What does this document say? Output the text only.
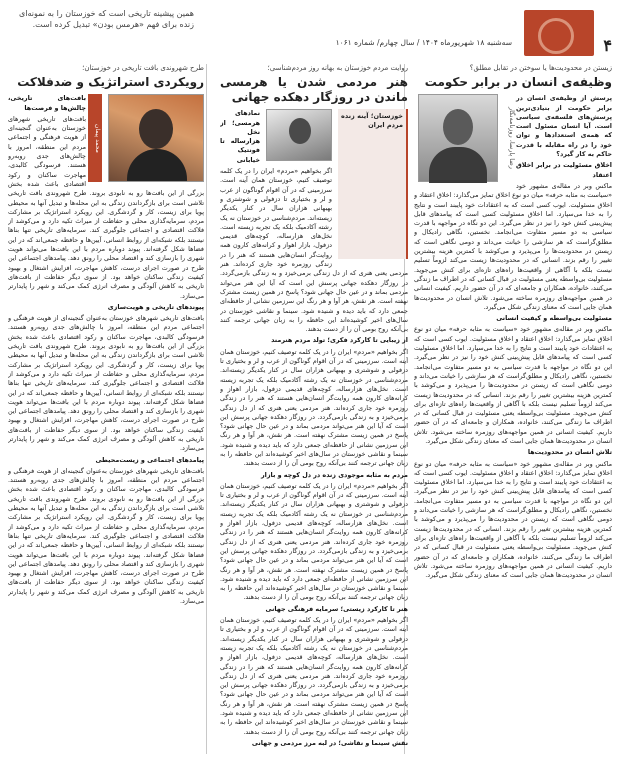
همین پیشینه تاریخی است که خوزستان را به نمونه‌ای زنده برای فهم «هرمس بودن» تبدیل کرده است.
سه‌شنبه ۱۸ شهریور‌ماه ۱۴۰۴ / سال چهارم/ شماره ۱۰۶۱	۴
زیستن در محدودیت‌ها یا سوختن در تقابل مطلق؟
وظیفه‌ی انسان در برابر حکومت
رضا پارسا، روزنامه‌نگار

پرسش از وظیفه‌ی انسان در برابر حکومت از بنیادی‌ترین پرسش‌های فلسفه‌ی سیاسی است. آیا انسان مسئول است که همه‌ی استعدادها و توان خود را در راه مقابله با قدرت حاکم به کار گیرد؟

اخلاق مسئولیت در برابر اخلاق اعتقاد

ماکس وبر در مقاله‌ی مشهور خود «سیاست به مثابه حرفه» میان دو نوع اخلاق تمایز می‌گذارد: اخلاق اعتقاد و اخلاق مسئولیت. ایوب کسی است که به اعتقادات خود پایبند است و نتایج را به خدا می‌سپارد. اما اخلاق مسئولیت کسی است که پیامدهای قابل پیش‌بینی کنش خود را نیز در نظر می‌گیرد. این دو نگاه در مواجهه با قدرت سیاسی به دو مسیر متفاوت می‌انجامد. نخستین، نگاهی رادیکال و مطلق‌گراست که هر سازشی را خیانت می‌داند و دومی نگاهی است که زیستن در محدودیت‌ها را می‌پذیرد و می‌کوشد با کمترین هزینه بیشترین تغییر را رقم بزند. انسانی که در محدودیت‌ها زیست می‌کند لزوماً تسلیم نیست بلکه با آگاهی از واقعیت‌ها راه‌های تازه‌ای برای کنش می‌جوید. مسئولیت بی‌واسطه یعنی مسئولیت در قبال کسانی که در اطراف ما زندگی می‌کنند، خانواده، همکاران و جامعه‌ای که در آن حضور داریم. کیفیت انسانی در همین مواجهه‌های روزمره ساخته می‌شود. تلاش انسان در محدودیت‌ها همان جایی است که معنای زندگی شکل می‌گیرد.

مسئولیت بی‌واسطه و کیفیت انسانی

ماکس وبر در مقاله‌ی مشهور خود «سیاست به مثابه حرفه» میان دو نوع اخلاق تمایز می‌گذارد: اخلاق اعتقاد و اخلاق مسئولیت. ایوب کسی است که به اعتقادات خود پایبند است و نتایج را به خدا می‌سپارد. اما اخلاق مسئولیت کسی است که پیامدهای قابل پیش‌بینی کنش خود را نیز در نظر می‌گیرد. این دو نگاه در مواجهه با قدرت سیاسی به دو مسیر متفاوت می‌انجامد. نخستین، نگاهی رادیکال و مطلق‌گراست که هر سازشی را خیانت می‌داند و دومی نگاهی است که زیستن در محدودیت‌ها را می‌پذیرد و می‌کوشد با کمترین هزینه بیشترین تغییر را رقم بزند. انسانی که در محدودیت‌ها زیست می‌کند لزوماً تسلیم نیست بلکه با آگاهی از واقعیت‌ها راه‌های تازه‌ای برای کنش می‌جوید. مسئولیت بی‌واسطه یعنی مسئولیت در قبال کسانی که در اطراف ما زندگی می‌کنند، خانواده، همکاران و جامعه‌ای که در آن حضور داریم. کیفیت انسانی در همین مواجهه‌های روزمره ساخته می‌شود. تلاش انسان در محدودیت‌ها همان جایی است که معنای زندگی شکل می‌گیرد.

تلاش انسان در محدودیت‌ها

ماکس وبر در مقاله‌ی مشهور خود «سیاست به مثابه حرفه» میان دو نوع اخلاق تمایز می‌گذارد: اخلاق اعتقاد و اخلاق مسئولیت. ایوب کسی است که به اعتقادات خود پایبند است و نتایج را به خدا می‌سپارد. اما اخلاق مسئولیت کسی است که پیامدهای قابل پیش‌بینی کنش خود را نیز در نظر می‌گیرد. این دو نگاه در مواجهه با قدرت سیاسی به دو مسیر متفاوت می‌انجامد. نخستین، نگاهی رادیکال و مطلق‌گراست که هر سازشی را خیانت می‌داند و دومی نگاهی است که زیستن در محدودیت‌ها را می‌پذیرد و می‌کوشد با کمترین هزینه بیشترین تغییر را رقم بزند. انسانی که در محدودیت‌ها زیست می‌کند لزوماً تسلیم نیست بلکه با آگاهی از واقعیت‌ها راه‌های تازه‌ای برای کنش می‌جوید. مسئولیت بی‌واسطه یعنی مسئولیت در قبال کسانی که در اطراف ما زندگی می‌کنند، خانواده، همکاران و جامعه‌ای که در آن حضور داریم. کیفیت انسانی در همین مواجهه‌های روزمره ساخته می‌شود. تلاش انسان در محدودیت‌ها همان جایی است که معنای زندگی شکل می‌گیرد.

روایت مردم خوزستان به بهانه روز مردم‌شناسی؛
هنر مردمی شدن یا هرمسی ماندن در روزگار دهکده جهانی
خوزستان؛ آینه زنده مردم ایران

نمادهای هرمسی؛ از نخل هزارساله تا فونتیک خیابانی

اگر بخواهیم «مردم» ایران را در یک کلمه توصیف کنیم، خوزستان همان آینه است. سرزمینی که در آن اقوام گوناگون از عرب و لر و بختیاری تا دزفولی و شوشتری و بهبهانی هزاران سال در کنار یکدیگر زیسته‌اند. مردم‌شناسی در خوزستان نه یک رشته آکادمیک بلکه یک تجربه زیسته است. نخل‌های هزارساله، کوچه‌های قدیمی دزفول، بازار اهواز و کرانه‌های کارون همه روایت‌گر انسان‌هایی هستند که هنر را در زندگی روزمره خود جاری کرده‌اند. هنر مردمی یعنی هنری که از دل زندگی برمی‌خیزد و به زندگی بازمی‌گردد. در روزگار دهکده جهانی پرسش این است که آیا این هنر می‌تواند مردمی بماند و در عین حال جهانی شود؟ پاسخ در همین زیست مشترک نهفته است. هر نقش، هر آوا و هر رنگ این سرزمین نشانی از حافظه‌ای جمعی دارد که باید دیده و شنیده شود. سینما و نقاشی خوزستان در سال‌های اخیر کوشیده‌اند این حافظه را به زبان جهانی ترجمه کنند بی‌آنکه روح بومی آن را از دست بدهند.

از زیبایی تا کارکرد فکری؛ تولد مردم هنرمند

اگر بخواهیم «مردم» ایران را در یک کلمه توصیف کنیم، خوزستان همان آینه است. سرزمینی که در آن اقوام گوناگون از عرب و لر و بختیاری تا دزفولی و شوشتری و بهبهانی هزاران سال در کنار یکدیگر زیسته‌اند. مردم‌شناسی در خوزستان نه یک رشته آکادمیک بلکه یک تجربه زیسته است. نخل‌های هزارساله، کوچه‌های قدیمی دزفول، بازار اهواز و کرانه‌های کارون همه روایت‌گر انسان‌هایی هستند که هنر را در زندگی روزمره خود جاری کرده‌اند. هنر مردمی یعنی هنری که از دل زندگی برمی‌خیزد و به زندگی بازمی‌گردد. در روزگار دهکده جهانی پرسش این است که آیا این هنر می‌تواند مردمی بماند و در عین حال جهانی شود؟ پاسخ در همین زیست مشترک نهفته است. هر نقش، هر آوا و هر رنگ این سرزمین نشانی از حافظه‌ای جمعی دارد که باید دیده و شنیده شود. سینما و نقاشی خوزستان در سال‌های اخیر کوشیده‌اند این حافظه را به زبان جهانی ترجمه کنند بی‌آنکه روح بومی آن را از دست بدهند.

مردم به مثابه موجودی زنده در دل کوچه و بازار

اگر بخواهیم «مردم» ایران را در یک کلمه توصیف کنیم، خوزستان همان آینه است. سرزمینی که در آن اقوام گوناگون از عرب و لر و بختیاری تا دزفولی و شوشتری و بهبهانی هزاران سال در کنار یکدیگر زیسته‌اند. مردم‌شناسی در خوزستان نه یک رشته آکادمیک بلکه یک تجربه زیسته است. نخل‌های هزارساله، کوچه‌های قدیمی دزفول، بازار اهواز و کرانه‌های کارون همه روایت‌گر انسان‌هایی هستند که هنر را در زندگی روزمره خود جاری کرده‌اند. هنر مردمی یعنی هنری که از دل زندگی برمی‌خیزد و به زندگی بازمی‌گردد. در روزگار دهکده جهانی پرسش این است که آیا این هنر می‌تواند مردمی بماند و در عین حال جهانی شود؟ پاسخ در همین زیست مشترک نهفته است. هر نقش، هر آوا و هر رنگ این سرزمین نشانی از حافظه‌ای جمعی دارد که باید دیده و شنیده شود. سینما و نقاشی خوزستان در سال‌های اخیر کوشیده‌اند این حافظه را به زبان جهانی ترجمه کنند بی‌آنکه روح بومی آن را از دست بدهند.

هنر تا کارکرد زیستی؛ سرمایه فرهنگی جهانی

اگر بخواهیم «مردم» ایران را در یک کلمه توصیف کنیم، خوزستان همان آینه است. سرزمینی که در آن اقوام گوناگون از عرب و لر و بختیاری تا دزفولی و شوشتری و بهبهانی هزاران سال در کنار یکدیگر زیسته‌اند. مردم‌شناسی در خوزستان نه یک رشته آکادمیک بلکه یک تجربه زیسته است. نخل‌های هزارساله، کوچه‌های قدیمی دزفول، بازار اهواز و کرانه‌های کارون همه روایت‌گر انسان‌هایی هستند که هنر را در زندگی روزمره خود جاری کرده‌اند. هنر مردمی یعنی هنری که از دل زندگی برمی‌خیزد و به زندگی بازمی‌گردد. در روزگار دهکده جهانی پرسش این است که آیا این هنر می‌تواند مردمی بماند و در عین حال جهانی شود؟ پاسخ در همین زیست مشترک نهفته است. هر نقش، هر آوا و هر رنگ این سرزمین نشانی از حافظه‌ای جمعی دارد که باید دیده و شنیده شود. سینما و نقاشی خوزستان در سال‌های اخیر کوشیده‌اند این حافظه را به زبان جهانی ترجمه کنند بی‌آنکه روح بومی آن را از دست بدهند.

نقش سینما و نقاشی؛ در لبه مرز مردمی و جهانی

طرح شهروندی بافت تاریخی در خوزستان؛
رویکردی استراتژیک و ضدفلاکت
محمد پیمان

بافت‌های تاریخی، چالش‌ها و فرصت‌ها

بافت‌های تاریخی شهرهای خوزستان به‌عنوان گنجینه‌ای از هویت فرهنگی و اجتماعی مردم این منطقه، امروز با چالش‌های جدی روبه‌رو هستند. فرسودگی کالبدی، مهاجرت ساکنان و رکود اقتصادی باعث شده بخش بزرگی از این بافت‌ها رو به نابودی بروند. طرح شهروندی بافت تاریخی تلاشی است برای بازگرداندن زندگی به این محله‌ها و تبدیل آنها به محیطی پویا برای زیست، کار و گردشگری. این رویکرد استراتژیک بر مشارکت مردم، سرمایه‌گذاری محلی و حفاظت از میراث تکیه دارد و می‌کوشد از فلاکت اقتصادی و اجتماعی جلوگیری کند. سرمایه‌های تاریخی تنها بناها نیستند بلکه شبکه‌ای از روابط انسانی، آیین‌ها و حافظه جمعی‌اند که در این فضاها شکل گرفته‌اند. پیوند دوباره مردم با این بافت‌ها می‌تواند هویت شهری را بازسازی کند و اقتصاد محلی را رونق دهد. پیامدهای اجتماعی این طرح در صورت اجرای درست، کاهش مهاجرت، افزایش اشتغال و بهبود کیفیت زندگی ساکنان خواهد بود. از سوی دیگر حفاظت از بافت‌های تاریخی به کاهش آلودگی و مصرف انرژی کمک می‌کند و شهر را پایدارتر می‌سازد.

پیوندهای تاریخی و هویت‌سازی

بافت‌های تاریخی شهرهای خوزستان به‌عنوان گنجینه‌ای از هویت فرهنگی و اجتماعی مردم این منطقه، امروز با چالش‌های جدی روبه‌رو هستند. فرسودگی کالبدی، مهاجرت ساکنان و رکود اقتصادی باعث شده بخش بزرگی از این بافت‌ها رو به نابودی بروند. طرح شهروندی بافت تاریخی تلاشی است برای بازگرداندن زندگی به این محله‌ها و تبدیل آنها به محیطی پویا برای زیست، کار و گردشگری. این رویکرد استراتژیک بر مشارکت مردم، سرمایه‌گذاری محلی و حفاظت از میراث تکیه دارد و می‌کوشد از فلاکت اقتصادی و اجتماعی جلوگیری کند. سرمایه‌های تاریخی تنها بناها نیستند بلکه شبکه‌ای از روابط انسانی، آیین‌ها و حافظه جمعی‌اند که در این فضاها شکل گرفته‌اند. پیوند دوباره مردم با این بافت‌ها می‌تواند هویت شهری را بازسازی کند و اقتصاد محلی را رونق دهد. پیامدهای اجتماعی این طرح در صورت اجرای درست، کاهش مهاجرت، افزایش اشتغال و بهبود کیفیت زندگی ساکنان خواهد بود. از سوی دیگر حفاظت از بافت‌های تاریخی به کاهش آلودگی و مصرف انرژی کمک می‌کند و شهر را پایدارتر می‌سازد.

پیامدهای اجتماعی و زیست‌محیطی

بافت‌های تاریخی شهرهای خوزستان به‌عنوان گنجینه‌ای از هویت فرهنگی و اجتماعی مردم این منطقه، امروز با چالش‌های جدی روبه‌رو هستند. فرسودگی کالبدی، مهاجرت ساکنان و رکود اقتصادی باعث شده بخش بزرگی از این بافت‌ها رو به نابودی بروند. طرح شهروندی بافت تاریخی تلاشی است برای بازگرداندن زندگی به این محله‌ها و تبدیل آنها به محیطی پویا برای زیست، کار و گردشگری. این رویکرد استراتژیک بر مشارکت مردم، سرمایه‌گذاری محلی و حفاظت از میراث تکیه دارد و می‌کوشد از فلاکت اقتصادی و اجتماعی جلوگیری کند. سرمایه‌های تاریخی تنها بناها نیستند بلکه شبکه‌ای از روابط انسانی، آیین‌ها و حافظه جمعی‌اند که در این فضاها شکل گرفته‌اند. پیوند دوباره مردم با این بافت‌ها می‌تواند هویت شهری را بازسازی کند و اقتصاد محلی را رونق دهد. پیامدهای اجتماعی این طرح در صورت اجرای درست، کاهش مهاجرت، افزایش اشتغال و بهبود کیفیت زندگی ساکنان خواهد بود. از سوی دیگر حفاظت از بافت‌های تاریخی به کاهش آلودگی و مصرف انرژی کمک می‌کند و شهر را پایدارتر می‌سازد.
